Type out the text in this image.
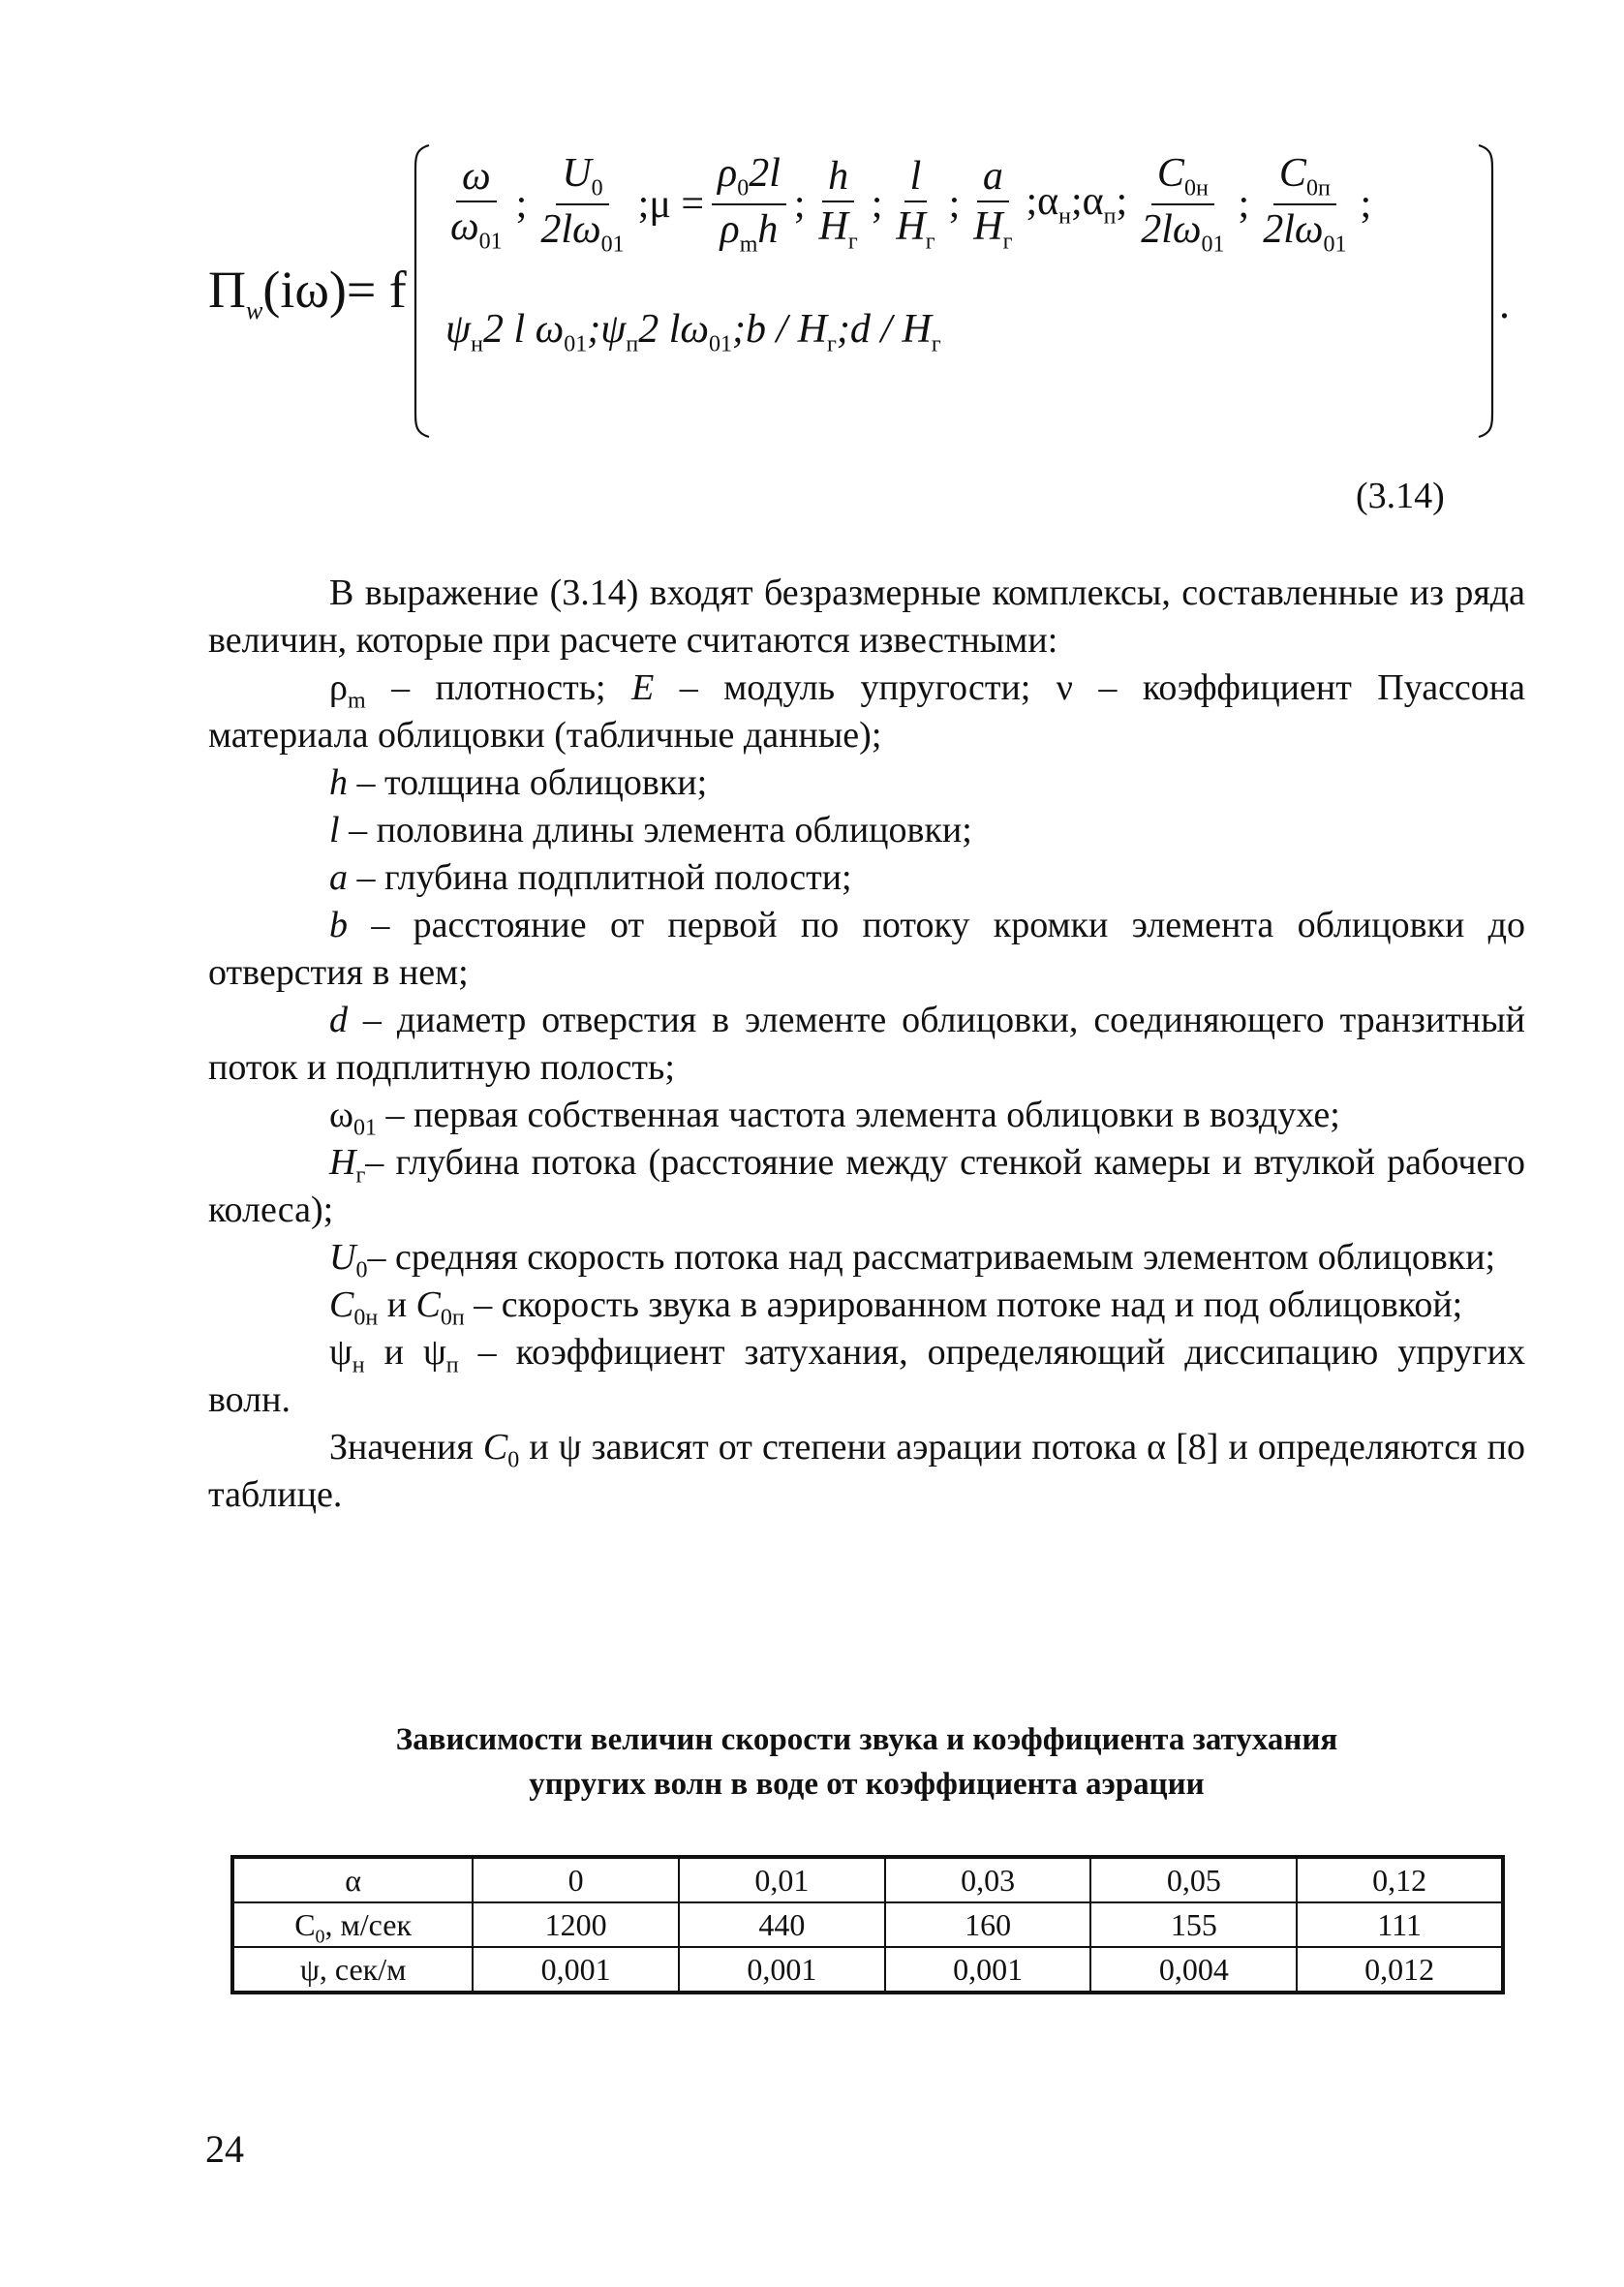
$\Pi_w(i\omega)= f$
$\frac{\omega}{\omega_{01}}$ ; $\frac{U_0}{2l\omega_{01}}$ ;μ = $\frac{\rho_02l}{\rho_mh}$ ; $\frac{h}{H_г}$ ; $\frac{l}{H_г}$ ; $\frac{a}{H_г}$ $;\alpha_н;\alpha_п$; $\frac{C_{0н}}{2l\omega_{01}}$ ; $\frac{C_{0п}}{2l\omega_{01}}$ ;
$\psi_н2$ l $\omega_{01};\psi_п2$ $l\omega_{01};b$ / $H_г;d / H_г$
.
(3.14)

В выражение (3.14) входят безразмерные комплексы, составленные из ряда величин, которые при расчете считаются известными:

$\rho_m$ – плотность; E – модуль упругости; ν – коэффициент Пуассона материала облицовки (табличные данные);

h – толщина облицовки;

l – половина длины элемента облицовки;

a – глубина подплитной полости;

b – расстояние от первой по потоку кромки элемента облицовки до отверстия в нем;

d – диаметр отверстия в элементе облицовки, соединяющего транзитный поток и подплитную полость;

$\omega_{01}$ – первая собственная частота элемента облицовки в воздухе;

$H_г-$ глубина потока (расстояние между стенкой камеры и втулкой рабочего колеса);

$U_0-$ средняя скорость потока над рассматриваемым элементом облицовки;

$C_{0н}$ и $C_{0п}$ – скорость звука в аэрированном потоке над и под облицовкой;

$\psi_н$ и $\psi_п$ – коэффициент затухания, определяющий диссипацию упругих волн.

Значения $C_0$ и ψ зависят от степени аэрации потока α [8] и определяются по таблице.

Зависимости величин скорости звука и коэффициента затухания
упругих волн в воде от коэффициента аэрации
α	0	0,01	0,03	0,05	0,12
$C_0$, м/сек	1200	440	160	155	111
ψ, сек/м	0,001	0,001	0,001	0,004	0,012
24
